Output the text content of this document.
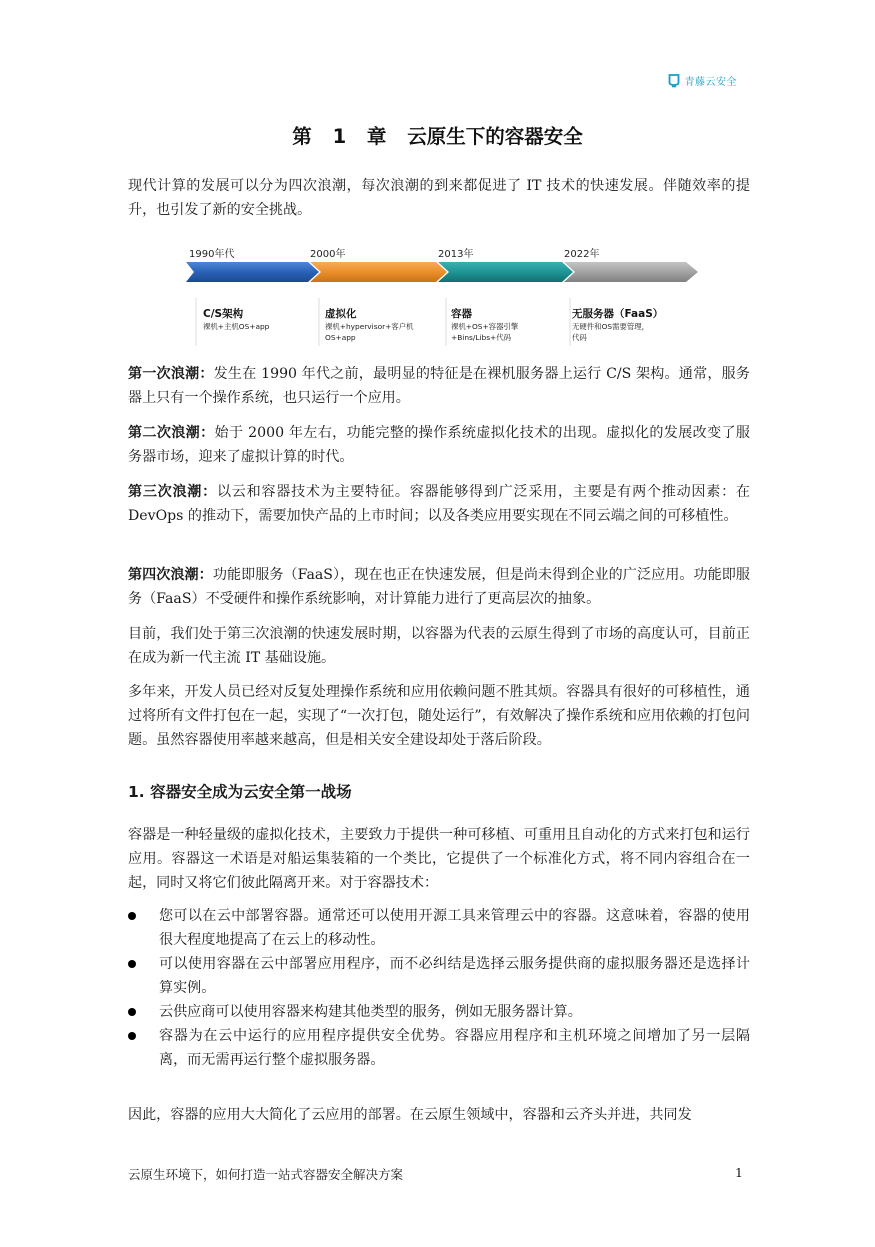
青藤云安全
第 1 章 云原生下的容器安全

现代计算的发展可以分为四次浪潮，每次浪潮的到来都促进了 IT 技术的快速发展。伴随效率的提升，也引发了新的安全挑战。

1990年代	2000年	2013年	2022年
C/S架构
裸机+主机OS+app
虚拟化
裸机+hypervisor+客户机
OS+app
容器
裸机+OS+容器引擎
+Bins/Libs+代码
无服务器（FaaS）
无硬件和OS需要管理，
代码

第一次浪潮：发生在 1990 年代之前，最明显的特征是在裸机服务器上运行 C/S 架构。通常，服务器上只有一个操作系统，也只运行一个应用。

第二次浪潮：始于 2000 年左右，功能完整的操作系统虚拟化技术的出现。虚拟化的发展改变了服务器市场，迎来了虚拟计算的时代。

第三次浪潮：以云和容器技术为主要特征。容器能够得到广泛采用，主要是有两个推动因素：在 DevOps 的推动下，需要加快产品的上市时间；以及各类应用要实现在不同云端之间的可移植性。

第四次浪潮：功能即服务（FaaS），现在也正在快速发展，但是尚未得到企业的广泛应用。功能即服务（FaaS）不受硬件和操作系统影响，对计算能力进行了更高层次的抽象。

目前，我们处于第三次浪潮的快速发展时期，以容器为代表的云原生得到了市场的高度认可，目前正在成为新一代主流 IT 基础设施。

多年来，开发人员已经对反复处理操作系统和应用依赖问题不胜其烦。容器具有很好的可移植性，通过将所有文件打包在一起，实现了“一次打包，随处运行”，有效解决了操作系统和应用依赖的打包问题。虽然容器使用率越来越高，但是相关安全建设却处于落后阶段。

1. 容器安全成为云安全第一战场

容器是一种轻量级的虚拟化技术，主要致力于提供一种可移植、可重用且自动化的方式来打包和运行应用。容器这一术语是对船运集装箱的一个类比，它提供了一个标准化方式，将不同内容组合在一起，同时又将它们彼此隔离开来。对于容器技术：

您可以在云中部署容器。通常还可以使用开源工具来管理云中的容器。这意味着，容器的使用很大程度地提高了在云上的移动性。
可以使用容器在云中部署应用程序，而不必纠结是选择云服务提供商的虚拟服务器还是选择计算实例。
云供应商可以使用容器来构建其他类型的服务，例如无服务器计算。
容器为在云中运行的应用程序提供安全优势。容器应用程序和主机环境之间增加了另一层隔离，而无需再运行整个虚拟服务器。

因此，容器的应用大大简化了云应用的部署。在云原生领域中，容器和云齐头并进，共同发

云原生环境下，如何打造一站式容器安全解决方案	1
